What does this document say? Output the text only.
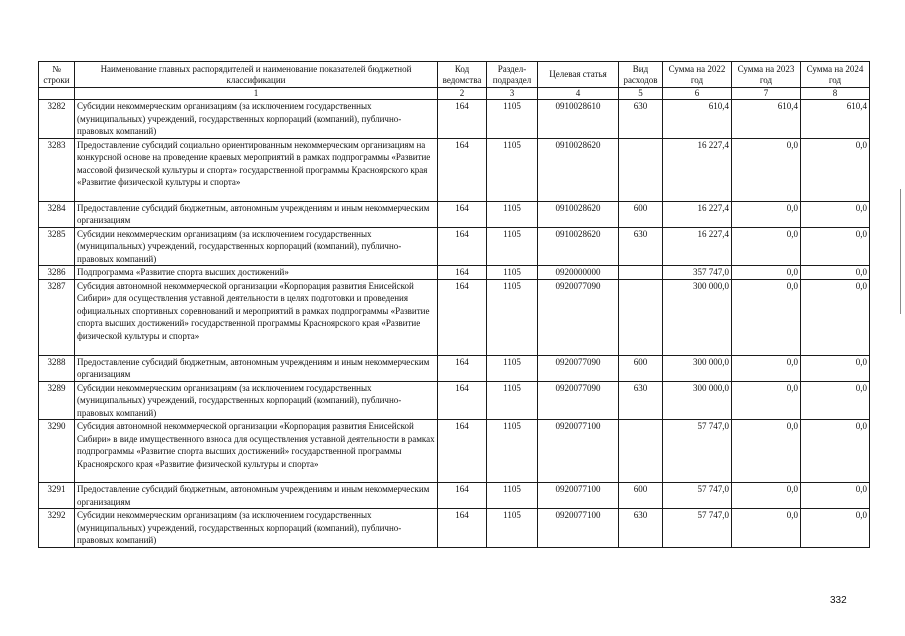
№ строки	Наименование главных распорядителей и наименование показателей бюджетной классификации	Код ведомства	Раздел-подраздел	Целевая статья	Вид расходов	Сумма на 2022 год	Сумма на 2023 год	Сумма на 2024 год
	1	2	3	4	5	6	7	8
3282	Субсидии некоммерческим организациям (за исключением государственных (муниципальных) учреждений, государственных корпораций (компаний), публично-правовых компаний)	164	1105	0910028610	630	610,4	610,4	610,4
3283	Предоставление субсидий социально ориентированным некоммерческим организациям на конкурсной основе на проведение краевых мероприятий в рамках подпрограммы «Развитие массовой физической культуры и спорта» государственной программы Красноярского края «Развитие физической культуры и спорта»	164	1105	0910028620		16 227,4	0,0	0,0
3284	Предоставление субсидий бюджетным, автономным учреждениям и иным некоммерческим организациям	164	1105	0910028620	600	16 227,4	0,0	0,0
3285	Субсидии некоммерческим организациям (за исключением государственных (муниципальных) учреждений, государственных корпораций (компаний), публично-правовых компаний)	164	1105	0910028620	630	16 227,4	0,0	0,0
3286	Подпрограмма «Развитие спорта высших достижений»	164	1105	0920000000		357 747,0	0,0	0,0
3287	Субсидия автономной некоммерческой организации «Корпорация развития Енисейской Сибири» для осуществления уставной деятельности в целях подготовки и проведения официальных спортивных соревнований и мероприятий в рамках подпрограммы «Развитие спорта высших достижений» государственной программы Красноярского края «Развитие физической культуры и спорта»	164	1105	0920077090		300 000,0	0,0	0,0
3288	Предоставление субсидий бюджетным, автономным учреждениям и иным некоммерческим организациям	164	1105	0920077090	600	300 000,0	0,0	0,0
3289	Субсидии некоммерческим организациям (за исключением государственных (муниципальных) учреждений, государственных корпораций (компаний), публично-правовых компаний)	164	1105	0920077090	630	300 000,0	0,0	0,0
3290	Субсидия автономной некоммерческой организации «Корпорация развития Енисейской Сибири» в виде имущественного взноса для осуществления уставной деятельности в рамках подпрограммы «Развитие спорта высших достижений» государственной программы Красноярского края «Развитие физической культуры и спорта»	164	1105	0920077100		57 747,0	0,0	0,0
3291	Предоставление субсидий бюджетным, автономным учреждениям и иным некоммерческим организациям	164	1105	0920077100	600	57 747,0	0,0	0,0
3292	Субсидии некоммерческим организациям (за исключением государственных (муниципальных) учреждений, государственных корпораций (компаний), публично-правовых компаний)	164	1105	0920077100	630	57 747,0	0,0	0,0
332
